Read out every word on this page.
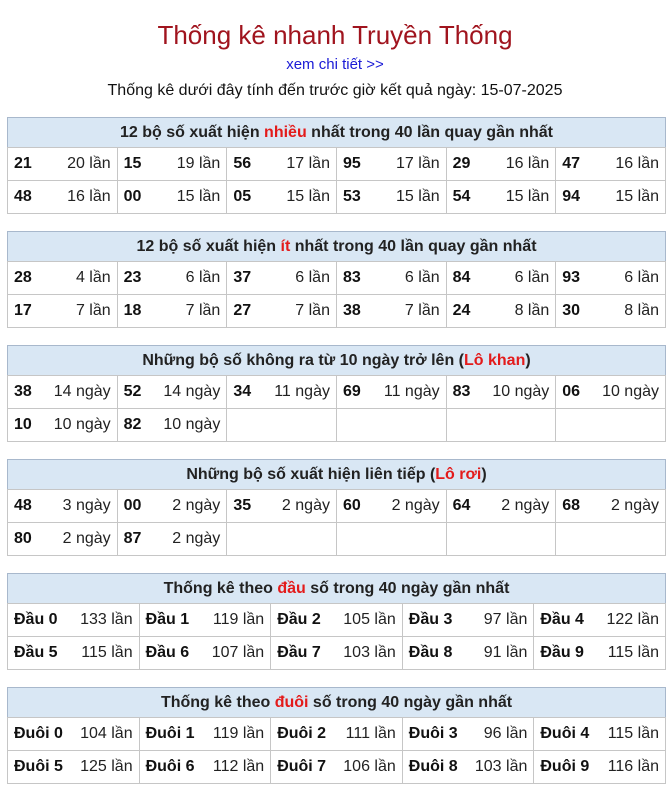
Thống kê nhanh Truyền Thống
xem chi tiết >>
Thống kê dưới đây tính đến trước giờ kết quả ngày: 15-07-2025
12 bộ số xuất hiện nhiều nhất trong 40 lần quay gần nhất
21 20 lần	15 19 lần	56 17 lần	95 17 lần	29 16 lần	47 16 lần

48 16 lần	00 15 lần	05 15 lần	53 15 lần	54 15 lần	94 15 lần
12 bộ số xuất hiện ít nhất trong 40 lần quay gần nhất
28 4 lần	23 6 lần	37 6 lần	83 6 lần	84 6 lần	93 6 lần

17 7 lần	18 7 lần	27 7 lần	38 7 lần	24 8 lần	30 8 lần
Những bộ số không ra từ 10 ngày trở lên (Lô khan)
38 14 ngày	52 14 ngày	34 11 ngày	69 11 ngày	83 10 ngày	06 10 ngày

10 10 ngày	82 10 ngày				

Những bộ số xuất hiện liên tiếp (Lô rơi)
48 3 ngày	00 2 ngày	35 2 ngày	60 2 ngày	64 2 ngày	68 2 ngày

80 2 ngày	87 2 ngày				

Thống kê theo đầu số trong 40 ngày gần nhất
Đầu 0 133 lần	Đầu 1 119 lần	Đầu 2 105 lần	Đầu 3 97 lần	Đầu 4 122 lần

Đầu 5 115 lần	Đầu 6 107 lần	Đầu 7 103 lần	Đầu 8 91 lần	Đầu 9 115 lần
Thống kê theo đuôi số trong 40 ngày gần nhất
Đuôi 0 104 lần	Đuôi 1 119 lần	Đuôi 2 111 lần	Đuôi 3 96 lần	Đuôi 4 115 lần

Đuôi 5 125 lần	Đuôi 6 112 lần	Đuôi 7 106 lần	Đuôi 8 103 lần	Đuôi 9 116 lần
